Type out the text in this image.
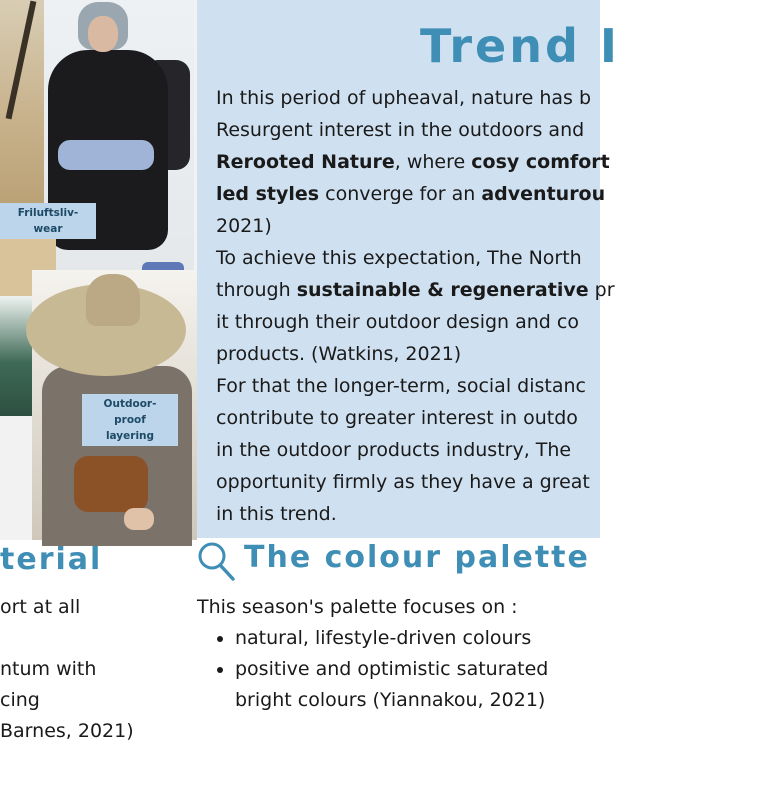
Friluftsliv-wear
Outdoor-proof
layering
Trend I

In this period of upheaval, nature has b

Resurgent interest in the outdoors and

Rerooted Nature, where cosy comfort

led styles converge for an adventurou

2021)

To achieve this expectation, The North

through sustainable & regenerative pr

it through their outdoor design and co

products. (Watkins, 2021)

For that the longer-term, social distanc

contribute to greater interest in outdo

in the outdoor products industry, The

opportunity firmly as they have a great

in this trend.

terial
ort at all

ntum with
cing
Barnes, 2021)
The colour palette
This season's palette focuses on :
• natural, lifestyle-driven colours
• positive and optimistic saturated bright colours (Yiannakou, 2021)
